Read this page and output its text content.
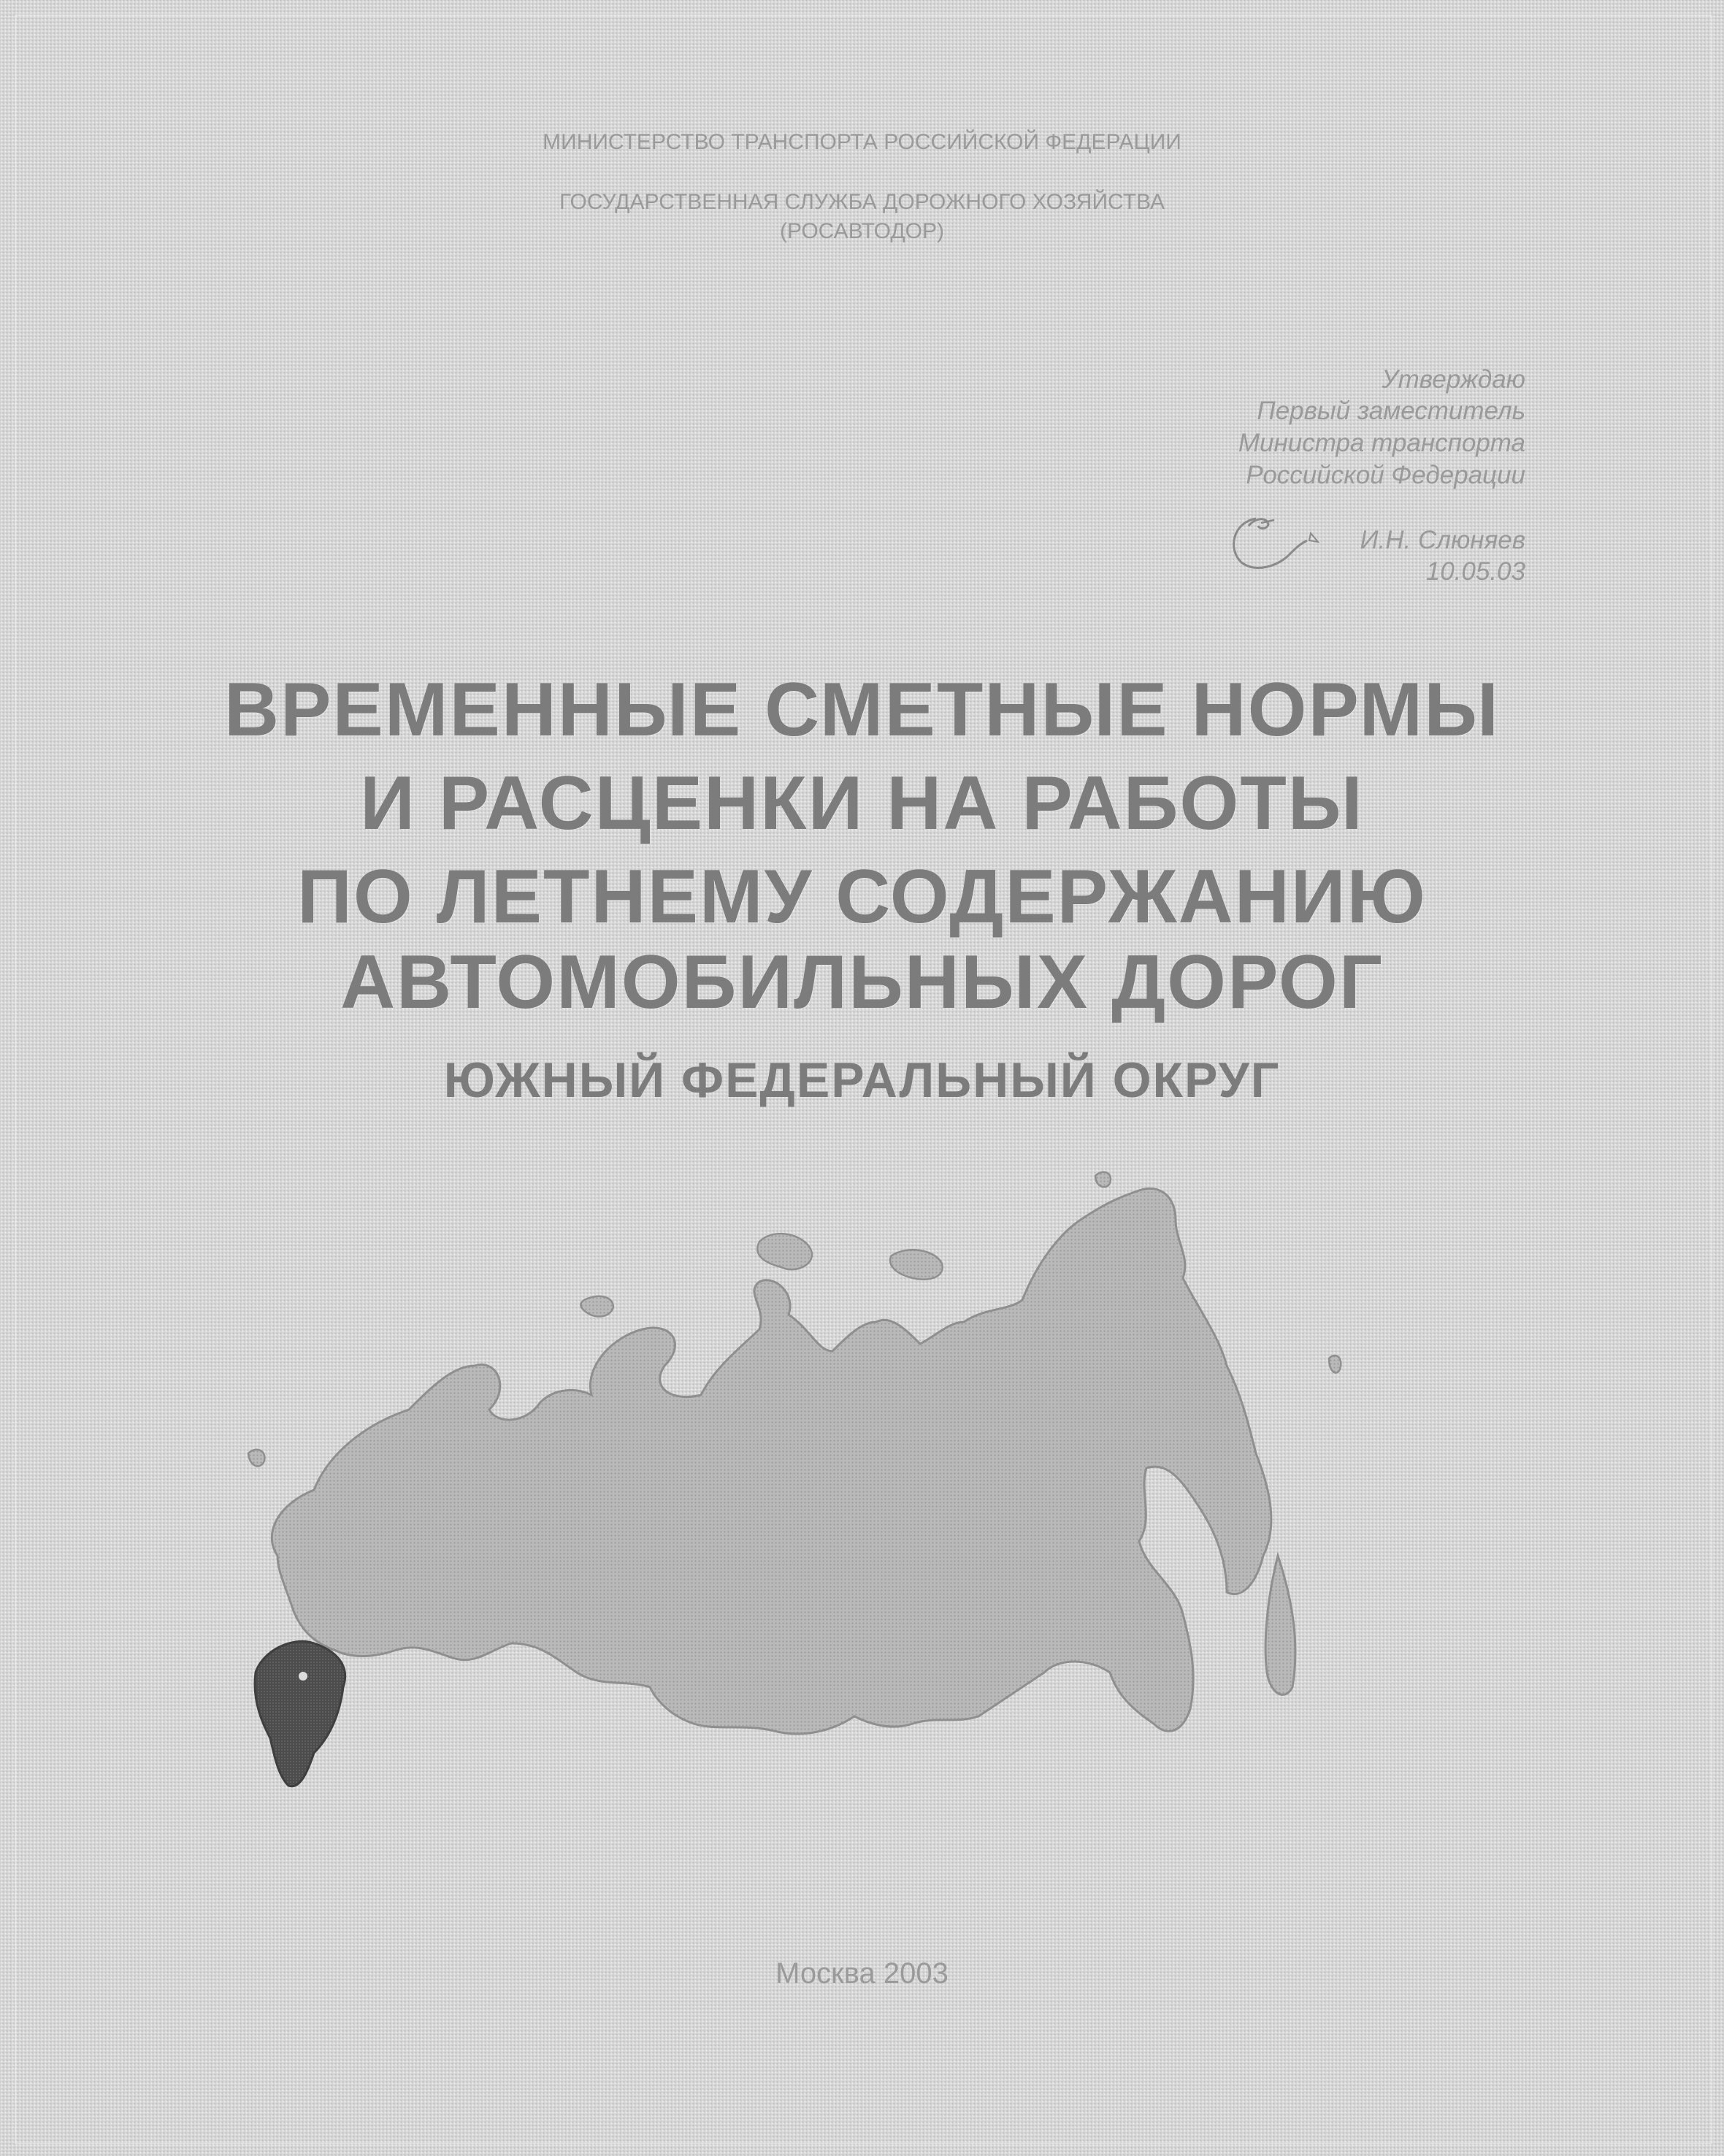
МИНИСТЕРСТВО ТРАНСПОРТА РОССИЙСКОЙ ФЕДЕРАЦИИ
ГОСУДАРСТВЕННАЯ СЛУЖБА ДОРОЖНОГО ХОЗЯЙСТВА
(РОСАВТОДОР)
Утверждаю
Первый заместитель
Министра транспорта
Российской Федерации
И.Н. Слюняев
10.05.03
ВРЕМЕННЫЕ СМЕТНЫЕ НОРМЫ
И РАСЦЕНКИ НА РАБОТЫ
ПО ЛЕТНЕМУ СОДЕРЖАНИЮ
АВТОМОБИЛЬНЫХ ДОРОГ
ЮЖНЫЙ ФЕДЕРАЛЬНЫЙ ОКРУГ
Москва 2003
